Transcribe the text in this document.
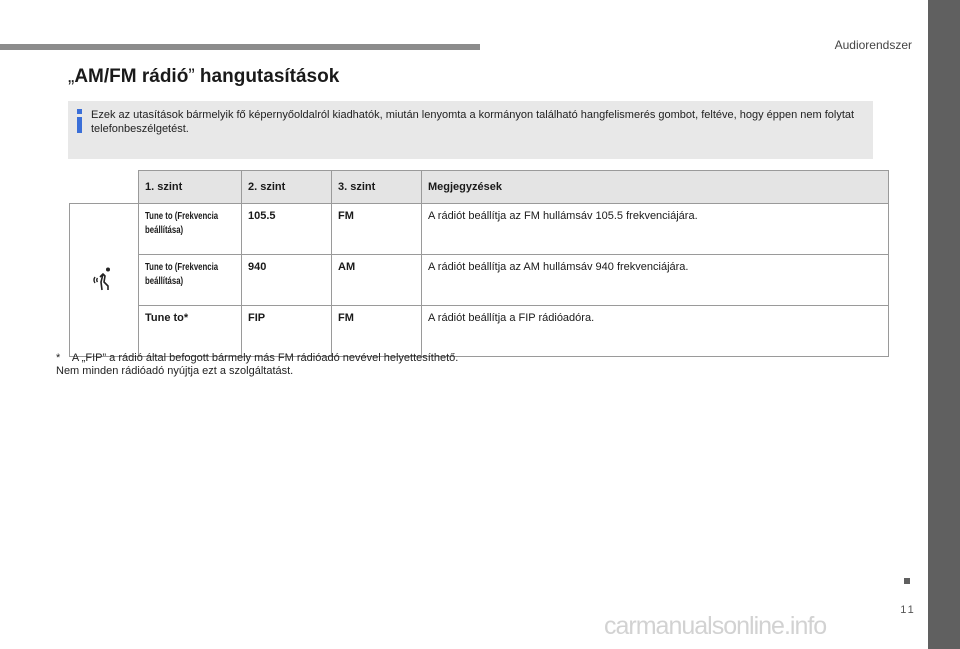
Audiorendszer
„AM/FM rádió” hangutasítások
Ezek az utasítások bármelyik fő képernyőoldalról kiadhatók, miután lenyomta a kormányon található hangfelismerés gombot, feltéve, hogy éppen nem folytat telefonbeszélgetést.
	1. szint	2. szint	3. szint	Megjegyzések
	Tune to (Frekvencia beállítása)	105.5	FM	A rádiót beállítja az FM hullámsáv 105.5 frekvenciájára.
	Tune to (Frekvencia beállítása)	940	AM	A rádiót beállítja az AM hullámsáv 940 frekvenciájára.
	Tune to*	FIP	FM	A rádiót beállítja a FIP rádióadóra.
*    A „FIP” a rádió által befogott bármely más FM rádióadó nevével helyettesíthető.
Nem minden rádióadó nyújtja ezt a szolgáltatást.
11
carmanualsonline.info
